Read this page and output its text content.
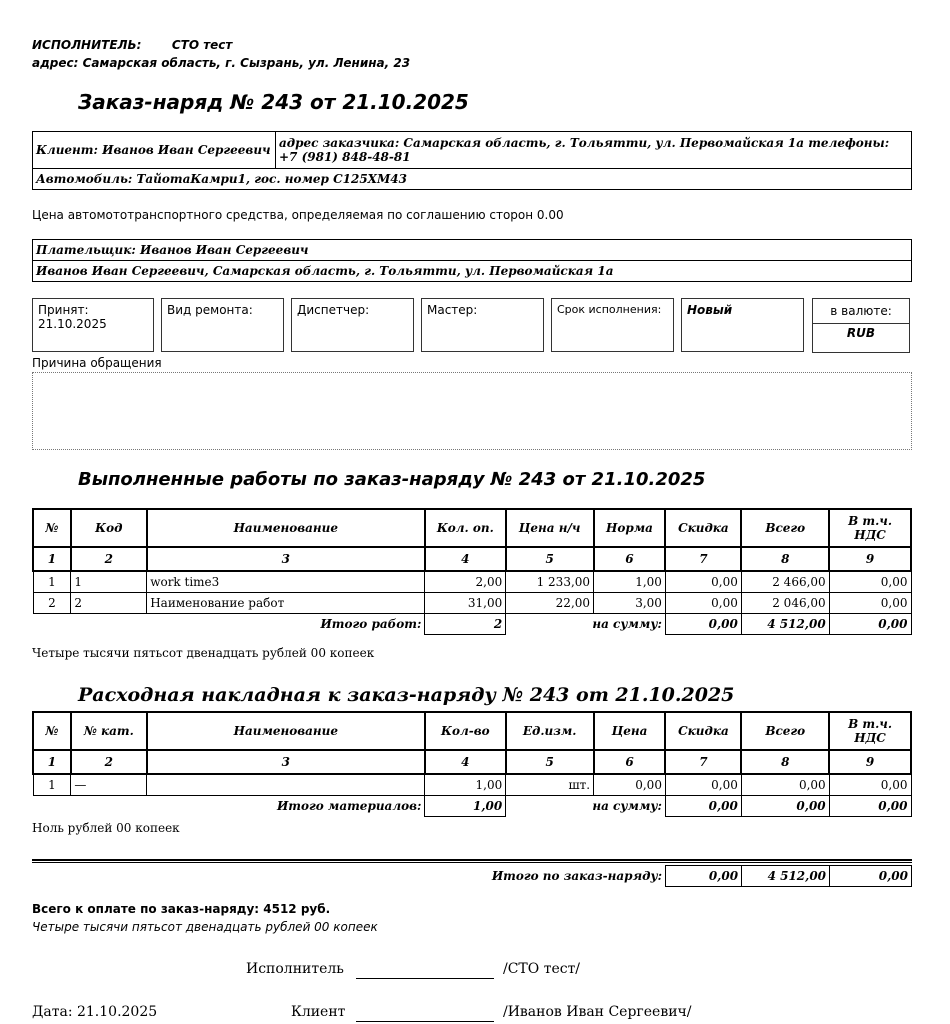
ИСПОЛНИТЕЛЬ:	СТО тест
адрес: Самарская область, г. Сызрань, ул. Ленина, 23
Заказ-наряд № 243 от 21.10.2025
Клиент: Иванов Иван Сергеевич	адрес заказчика: Самарская область, г. Тольятти, ул. Первомайская 1а телефоны: +7 (981) 848-48-81
Автомобиль: ТайотаКамри1, гос. номер С125ХМ43
Цена автомототранспортного средства, определяемая по соглашению сторон 0.00
Плательщик: Иванов Иван Сергеевич
Иванов Иван Сергеевич, Самарская область, г. Тольятти, ул. Первомайская 1а
Принят:
21.10.2025
Вид ремонта:	Диспетчер:	Мастер:	Срок исполнения:	Новый	в валюте:
RUB
Причина обращения
Выполненные работы по заказ-наряду № 243 от 21.10.2025
№	Код	Наименование	Кол. оп.	Цена н/ч	Норма	Скидка	Всего	В т.ч. НДС
1	2	3	4	5	6	7	8	9
1	1	work time3	2,00	1 233,00	1,00	0,00	2 466,00	0,00
2	2	Наименование работ	31,00	22,00	3,00	0,00	2 046,00	0,00
Итого работ:			2	на сумму:		0,00	4 512,00	0,00
Четыре тысячи пятьсот двенадцать рублей 00 копеек
Расходная накладная к заказ-наряду № 243 от 21.10.2025
№	№ кат.	Наименование	Кол-во	Ед.изм.	Цена	Скидка	Всего	В т.ч. НДС
1	2	3	4	5	6	7	8	9
1	—		1,00	шт.	0,00	0,00	0,00	0,00
Итого материалов:			1,00	на сумму:		0,00	0,00	0,00
Ноль рублей 00 копеек
Итого по заказ-наряду:	0,00	4 512,00	0,00
Всего к оплате по заказ-наряду: 4512 руб.
Четыре тысячи пятьсот двенадцать рублей 00 копеек
Исполнитель	/СТО тест/
Дата: 21.10.2025	Клиент	/Иванов Иван Сергеевич/
